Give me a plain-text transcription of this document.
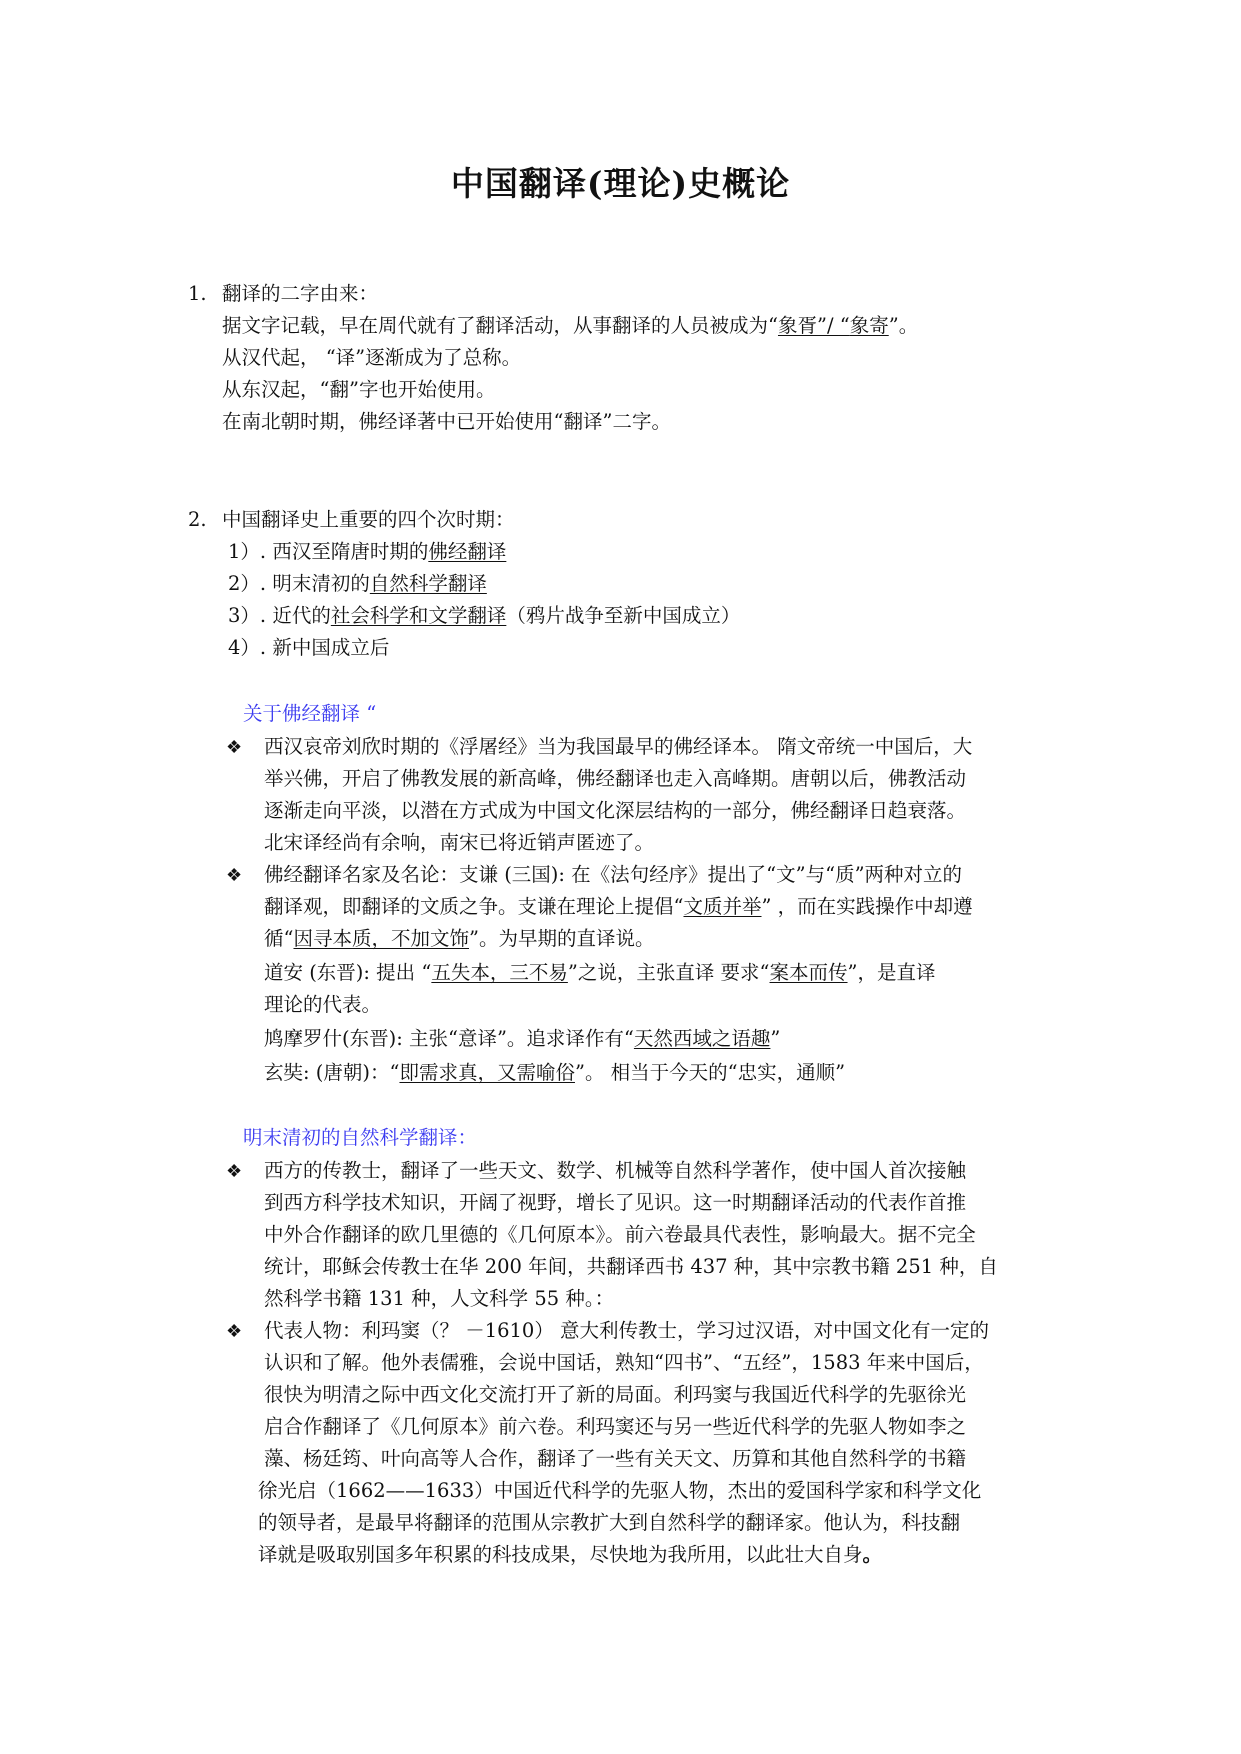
中国翻译(理论)史概论
1. 翻译的二字由来：
据文字记载，早在周代就有了翻译活动，从事翻译的人员被成为“象胥”/ “象寄”。
从汉代起， “译”逐渐成为了总称。
从东汉起，“翻”字也开始使用。
在南北朝时期，佛经译著中已开始使用“翻译”二字。
2. 中国翻译史上重要的四个次时期：
1）. 西汉至隋唐时期的佛经翻译
2）. 明末清初的自然科学翻译
3）. 近代的社会科学和文学翻译（鸦片战争至新中国成立）
4）. 新中国成立后
关于佛经翻译 “
❖ 西汉哀帝刘欣时期的《浮屠经》当为我国最早的佛经译本。 隋文帝统一中国后，大
举兴佛，开启了佛教发展的新高峰，佛经翻译也走入高峰期。唐朝以后，佛教活动
逐渐走向平淡，以潜在方式成为中国文化深层结构的一部分，佛经翻译日趋衰落。
北宋译经尚有余响，南宋已将近销声匿迹了。
❖ 佛经翻译名家及名论：支谦 (三国): 在《法句经序》提出了“文”与“质”两种对立的
翻译观，即翻译的文质之争。支谦在理论上提倡“文质并举” ，而在实践操作中却遵
循“因寻本质，不加文饰”。为早期的直译说。
道安 (东晋): 提出 “五失本，三不易”之说，主张直译 要求“案本而传”，是直译
理论的代表。
鸠摩罗什(东晋): 主张“意译”。追求译作有“天然西域之语趣”
玄奘: (唐朝)：“即需求真，又需喻俗”。 相当于今天的“忠实，通顺”
明末清初的自然科学翻译：
❖ 西方的传教士，翻译了一些天文、数学、机械等自然科学著作，使中国人首次接触
到西方科学技术知识，开阔了视野，增长了见识。这一时期翻译活动的代表作首推
中外合作翻译的欧几里德的《几何原本》。前六卷最具代表性，影响最大。据不完全
统计，耶稣会传教士在华 200 年间，共翻译西书 437 种，其中宗教书籍 251 种，自
然科学书籍 131 种，人文科学 55 种。：
❖ 代表人物：利玛窦（？ －1610） 意大利传教士，学习过汉语，对中国文化有一定的
认识和了解。他外表儒雅，会说中国话，熟知“四书”、“五经”，1583 年来中国后，
很快为明清之际中西文化交流打开了新的局面。利玛窦与我国近代科学的先驱徐光
启合作翻译了《几何原本》前六卷。利玛窦还与另一些近代科学的先驱人物如李之
藻、杨廷筠、叶向高等人合作，翻译了一些有关天文、历算和其他自然科学的书籍
徐光启（1662——1633）中国近代科学的先驱人物，杰出的爱国科学家和科学文化
的领导者，是最早将翻译的范围从宗教扩大到自然科学的翻译家。他认为，科技翻
译就是吸取别国多年积累的科技成果，尽快地为我所用，以此壮大自身。
